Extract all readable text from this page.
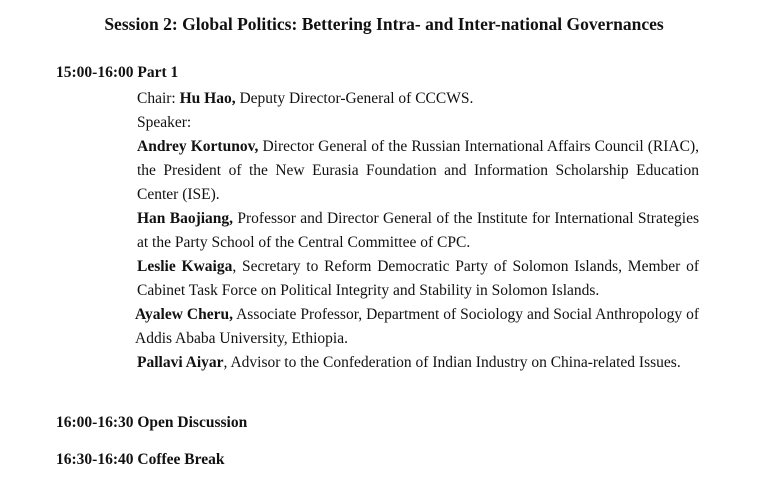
Session 2: Global Politics: Bettering Intra- and Inter-national Governances
15:00-16:00 Part 1

Chair: Hu Hao, Deputy Director-General of CCCWS.

Speaker:

Andrey Kortunov, Director General of the Russian International Affairs Council (RIAC), the President of the New Eurasia Foundation and Information Scholarship Education Center (ISE).

Han Baojiang, Professor and Director General of the Institute for International Strategies at the Party School of the Central Committee of CPC.

Leslie Kwaiga, Secretary to Reform Democratic Party of Solomon Islands, Member of Cabinet Task Force on Political Integrity and Stability in Solomon Islands.

Ayalew Cheru, Associate Professor, Department of Sociology and Social Anthropology of Addis Ababa University, Ethiopia.

Pallavi Aiyar, Advisor to the Confederation of Indian Industry on China-related Issues.

16:00-16:30 Open Discussion
16:30-16:40 Coffee Break
